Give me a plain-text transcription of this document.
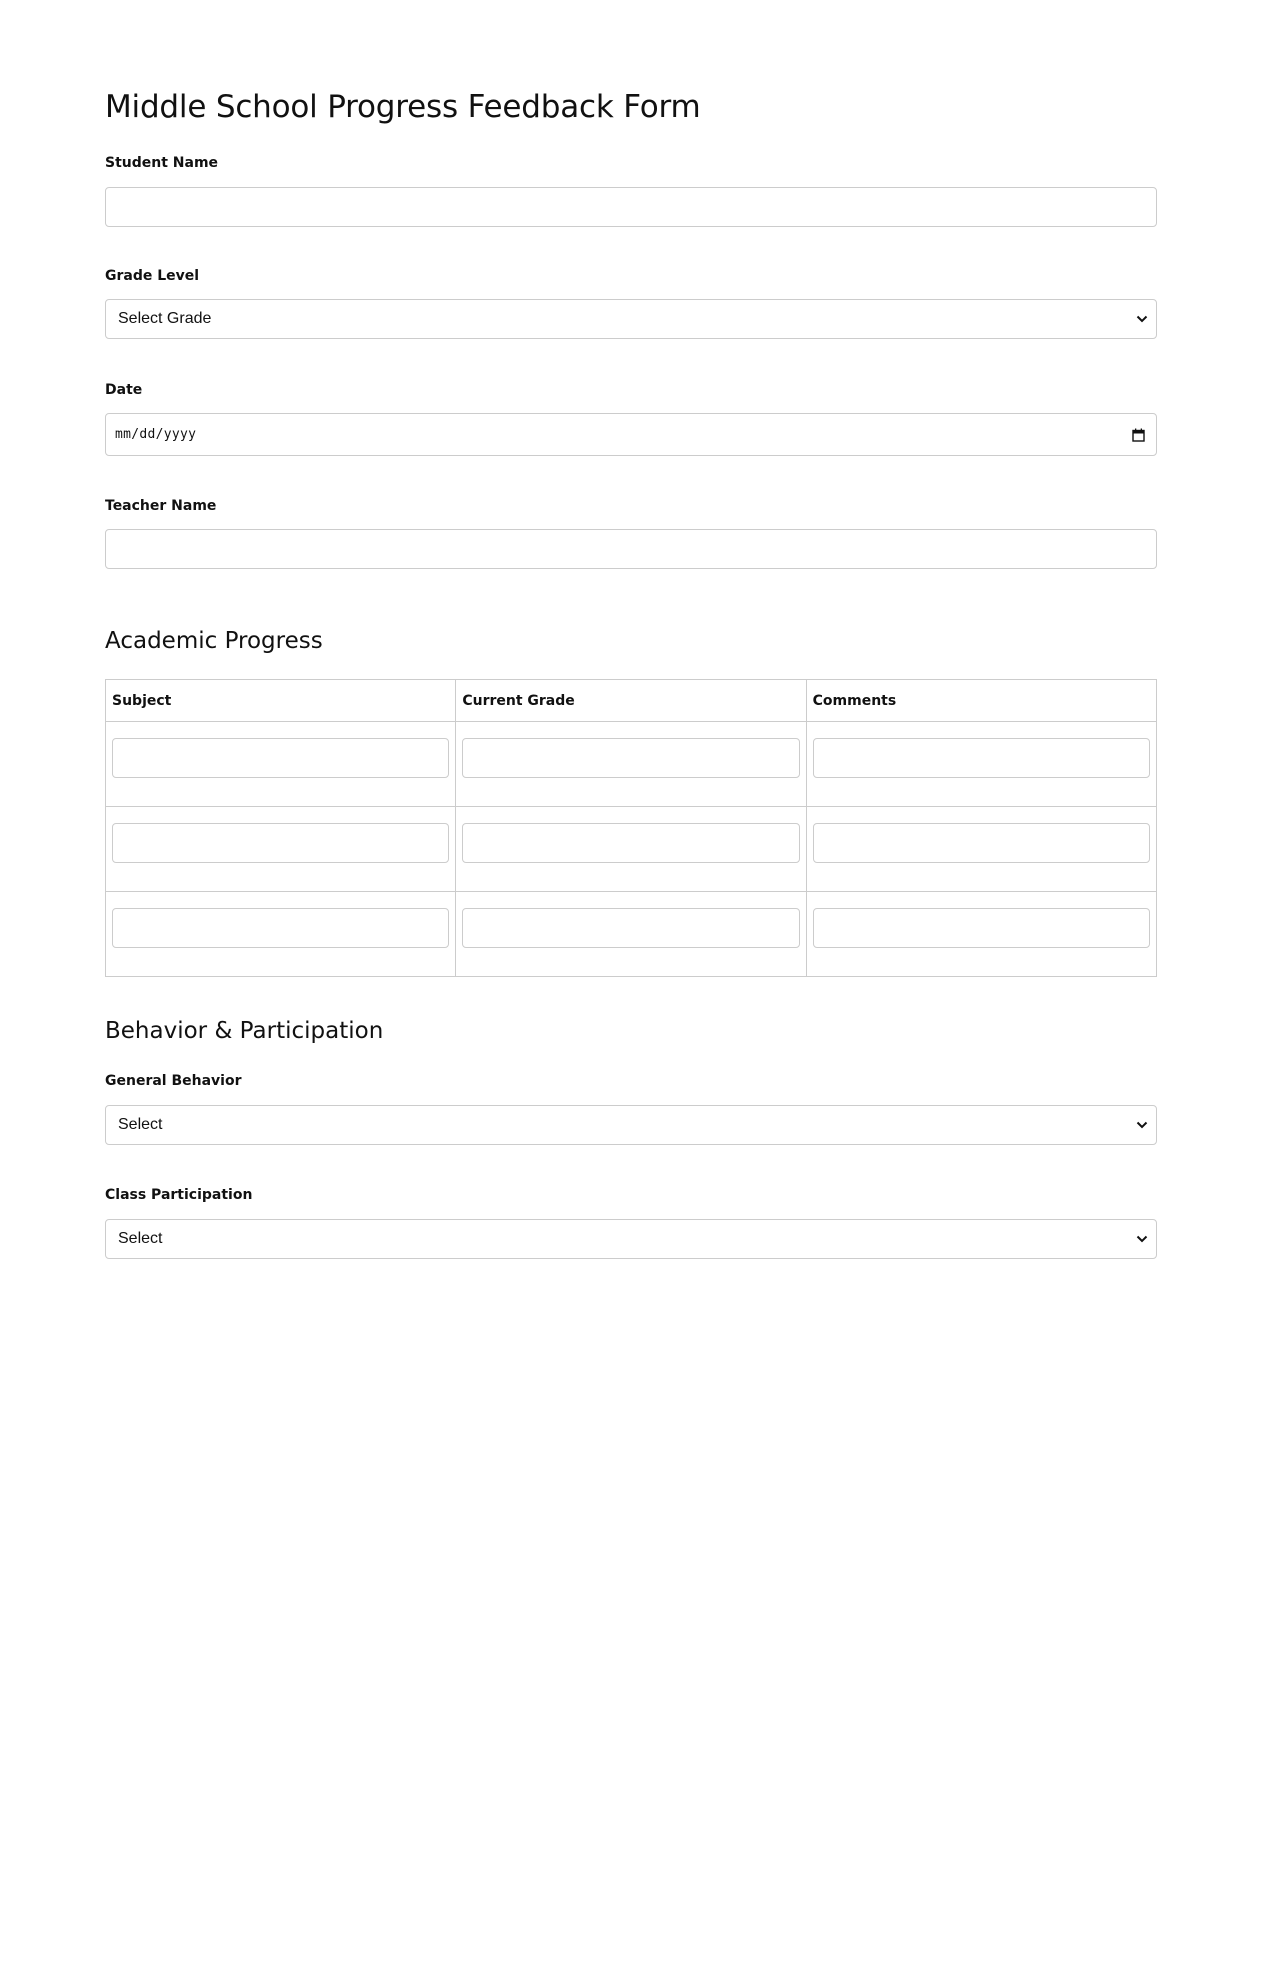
Middle School Progress Feedback Form
Student Name
Grade Level
Select Grade
Date
mm/dd/yyyy
Teacher Name
Academic Progress
Subject	Current Grade	Comments

Behavior & Participation
General Behavior
Select
Class Participation
Select
